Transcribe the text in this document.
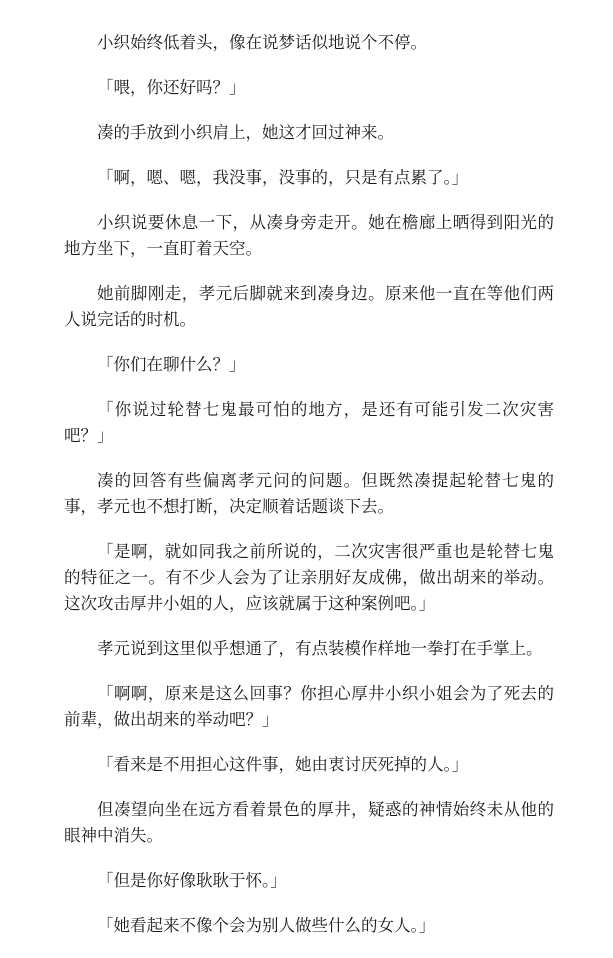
小织始终低着头，像在说梦话似地说个不停。

「喂，你还好吗？」

凑的手放到小织肩上，她这才回过神来。

「啊，嗯、嗯，我没事，没事的，只是有点累了。」

小织说要休息一下，从凑身旁走开。她在檐廊上晒得到阳光的地方坐下，一直盯着天空。

她前脚刚走，孝元后脚就来到凑身边。原来他一直在等他们两人说完话的时机。

「你们在聊什么？」

「你说过轮替七鬼最可怕的地方，是还有可能引发二次灾害吧？」

凑的回答有些偏离孝元问的问题。但既然凑提起轮替七鬼的事，孝元也不想打断，决定顺着话题谈下去。

「是啊，就如同我之前所说的，二次灾害很严重也是轮替七鬼的特征之一。有不少人会为了让亲朋好友成佛，做出胡来的举动。这次攻击厚井小姐的人，应该就属于这种案例吧。」

孝元说到这里似乎想通了，有点装模作样地一拳打在手掌上。

「啊啊，原来是这么回事？你担心厚井小织小姐会为了死去的前辈，做出胡来的举动吧？」

「看来是不用担心这件事，她由衷讨厌死掉的人。」

但凑望向坐在远方看着景色的厚井，疑惑的神情始终未从他的眼神中消失。

「但是你好像耿耿于怀。」

「她看起来不像个会为别人做些什么的女人。」
